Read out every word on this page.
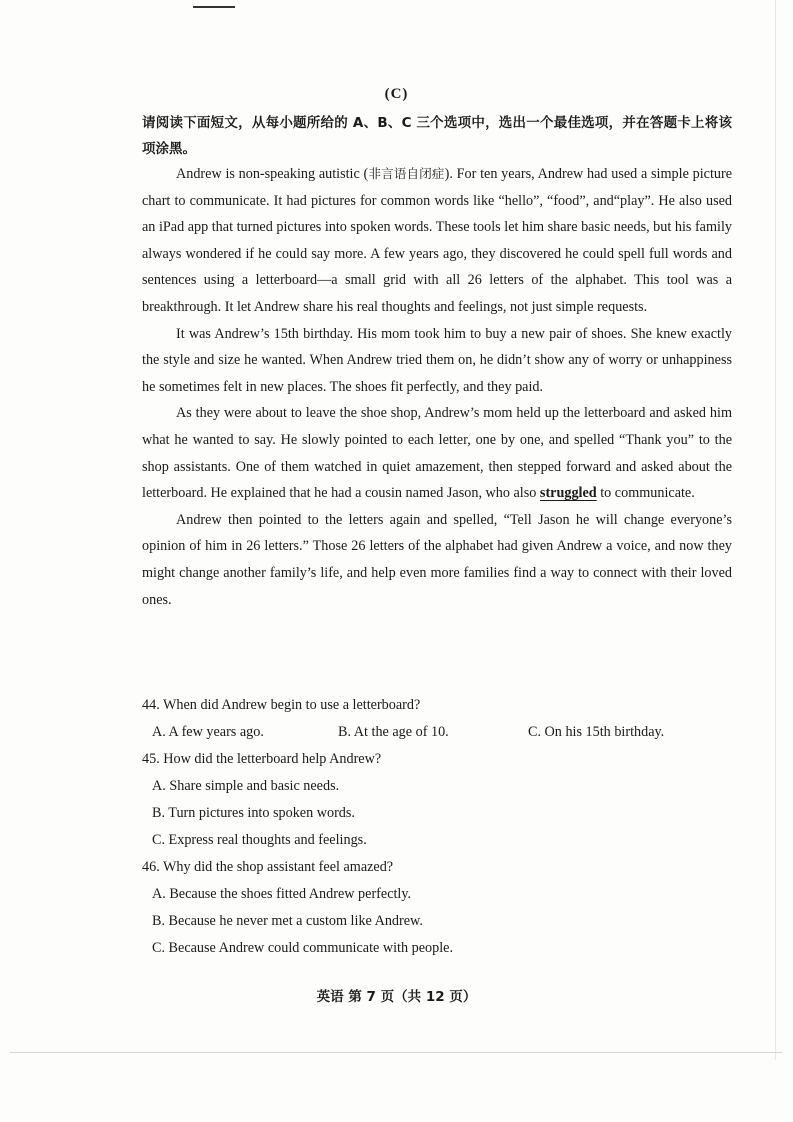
(C)
请阅读下面短文，从每小题所给的 A、B、C 三个选项中，选出一个最佳选项，并在答题卡上将该项涂黑。

Andrew is non-speaking autistic (非言语自闭症). For ten years, Andrew had used a simple picture chart to communicate. It had pictures for common words like “hello”, “food”, and“play”. He also used an iPad app that turned pictures into spoken words. These tools let him share basic needs, but his family always wondered if he could say more. A few years ago, they discovered he could spell full words and sentences using a letterboard—a small grid with all 26 letters of the alphabet. This tool was a breakthrough. It let Andrew share his real thoughts and feelings, not just simple requests.

It was Andrew’s 15th birthday. His mom took him to buy a new pair of shoes. She knew exactly the style and size he wanted. When Andrew tried them on, he didn’t show any of worry or unhappiness he sometimes felt in new places. The shoes fit perfectly, and they paid.

As they were about to leave the shoe shop, Andrew’s mom held up the letterboard and asked him what he wanted to say. He slowly pointed to each letter, one by one, and spelled “Thank you” to the shop assistants. One of them watched in quiet amazement, then stepped forward and asked about the letterboard. He explained that he had a cousin named Jason, who also struggled to communicate.

Andrew then pointed to the letters again and spelled, “Tell Jason he will change everyone’s opinion of him in 26 letters.” Those 26 letters of the alphabet had given Andrew a voice, and now they might change another family’s life, and help even more families find a way to connect with their loved ones.

44. When did Andrew begin to use a letterboard?
A. A few years ago.	B. At the age of 10.	C. On his 15th birthday.
45. How did the letterboard help Andrew?
A. Share simple and basic needs.
B. Turn pictures into spoken words.
C. Express real thoughts and feelings.
46. Why did the shop assistant feel amazed?
A. Because the shoes fitted Andrew perfectly.
B. Because he never met a custom like Andrew.
C. Because Andrew could communicate with people.
英语 第 7 页（共 12 页）
